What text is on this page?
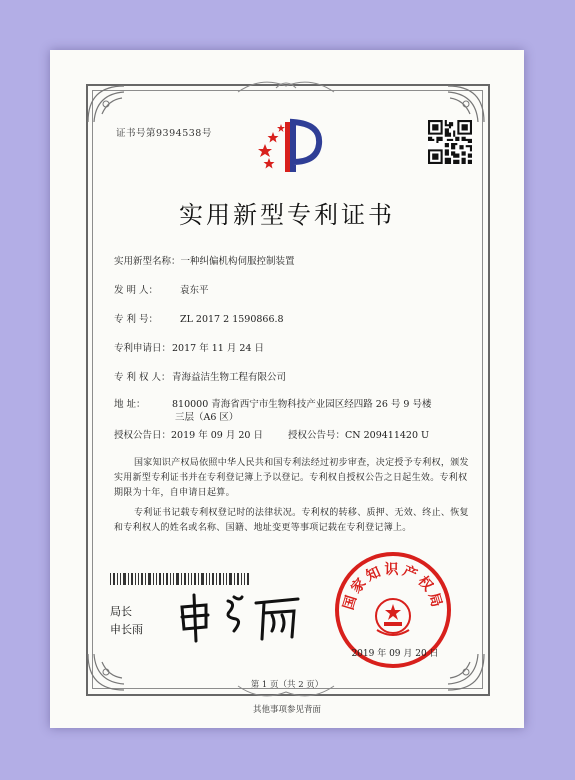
证书号第9394538号
实用新型专利证书
实用新型名称：一种纠偏机构伺服控制装置
发 明 人： 袁东平
专 利 号： ZL 2017 2 1590866.8
专利申请日：2017 年 11 月 24 日
专 利 权 人：青海益洁生物工程有限公司
地 址：	810000 青海省西宁市生物科技产业园区经四路 26 号 9 号楼
三层（A6 区）
授权公告日：2019 年 09 月 20 日	授权公告号：CN 209411420 U
国家知识产权局依照中华人民共和国专利法经过初步审查，决定授予专利权，颁发实用新型专利证书并在专利登记簿上予以登记。专利权自授权公告之日起生效。专利权期限为十年，自申请日起算。
专利证书记载专利权登记时的法律状况。专利权的转移、质押、无效、终止、恢复和专利权人的姓名或名称、国籍、地址变更等事项记载在专利登记簿上。
局长
申长雨
国家知识产权局
2019 年 09 月 20 日
第 1 页（共 2 页）
其他事项参见背面
